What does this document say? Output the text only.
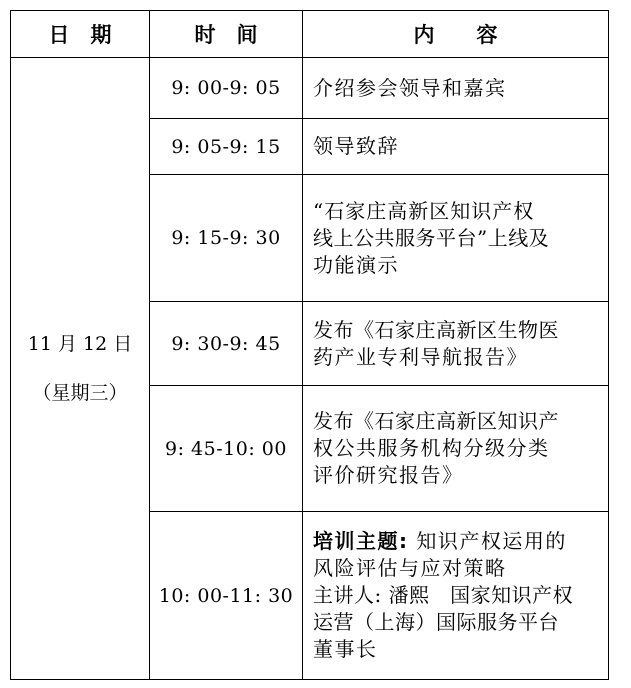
日　期	时　间	内　　容

11 月 12 日
（星期三）	9: 00-9: 05	介绍参会领导和嘉宾

	9: 05-9: 15	领导致辞

	9: 15-9: 30	“石家庄高新区知识产权
线上公共服务平台”上线及
功能演示

	9: 30-9: 45	发布《石家庄高新区生物医
药产业专利导航报告》

	9: 45-10: 00	发布《石家庄高新区知识产
权公共服务机构分级分类
评价研究报告》

	10: 00-11: 30	培训主题: 知识产权运用的
风险评估与应对策略
主讲人: 潘熙　国家知识产权
运营（上海）国际服务平台
董事长
